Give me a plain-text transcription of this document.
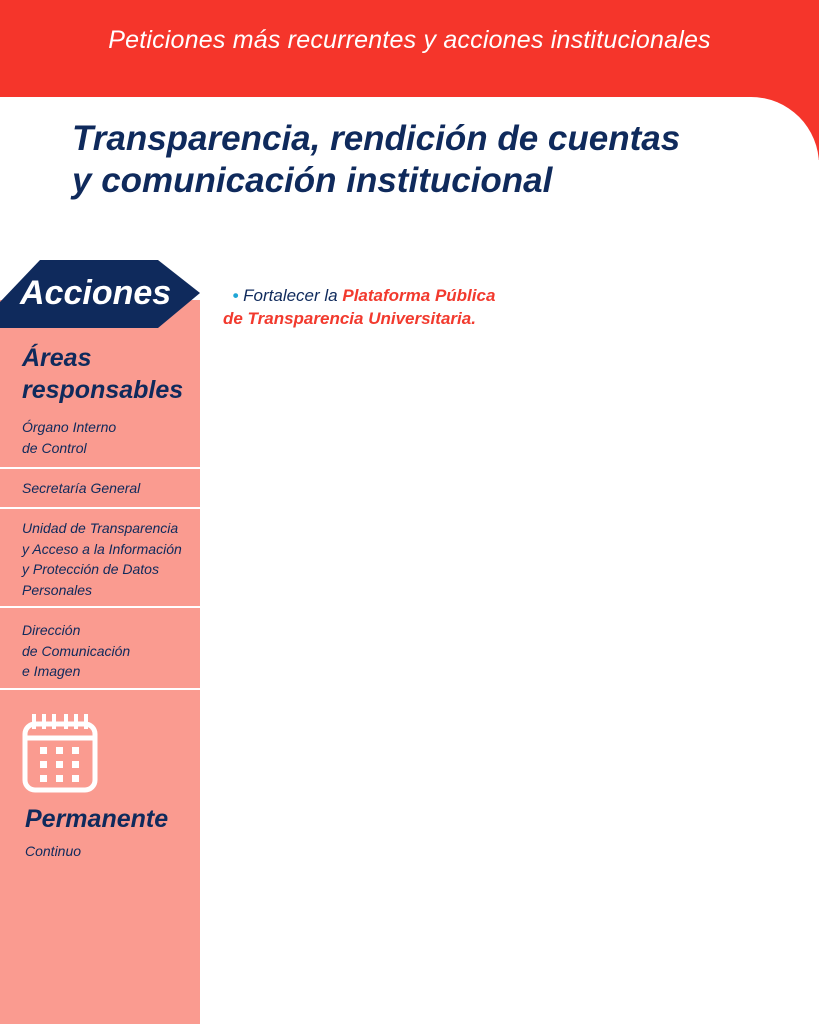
Peticiones más recurrentes y acciones institucionales
Transparencia, rendición de cuentas
y comunicación institucional
Acciones
Áreas
responsables
Órgano Interno
de Control
Secretaría General
Unidad de Transparencia
y Acceso a la Información
y Protección de Datos
Personales
Dirección
de Comunicación
e Imagen
Permanente
Continuo
• Fortalecer la Plataforma Pública
de Transparencia Universitaria.
